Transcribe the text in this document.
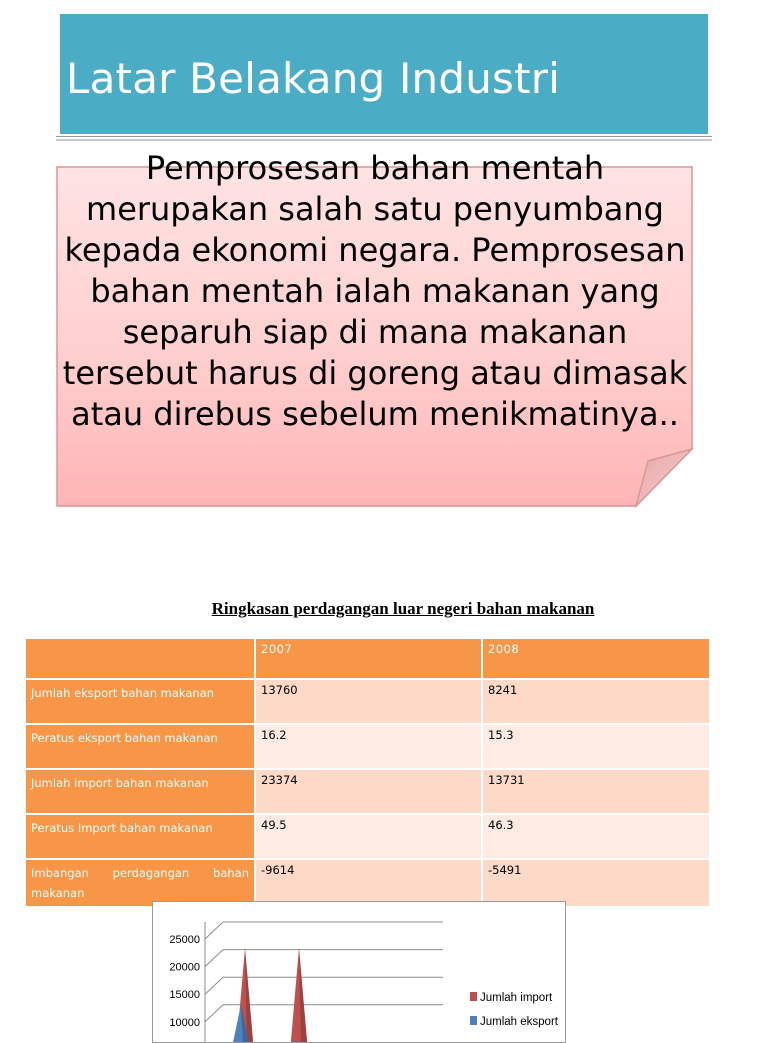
Latar Belakang Industri
Pemprosesan bahan mentah merupakan salah satu penyumbang kepada ekonomi negara. Pemprosesan bahan mentah ialah makanan yang separuh siap di mana makanan tersebut harus di goreng atau dimasak atau direbus sebelum menikmatinya..
Ringkasan perdagangan luar negeri bahan makanan
	2007	2008
Jumlah eksport bahan makanan	13760	8241
Peratus eksport bahan makanan	16.2	15.3
Jumlah import bahan makanan	23374	13731
Peratus Import bahan makanan	49.5	46.3
Imbangan perdagangan bahan makanan	-9614	-5491
25000
20000
15000
10000
Jumlah import
Jumlah eksport
